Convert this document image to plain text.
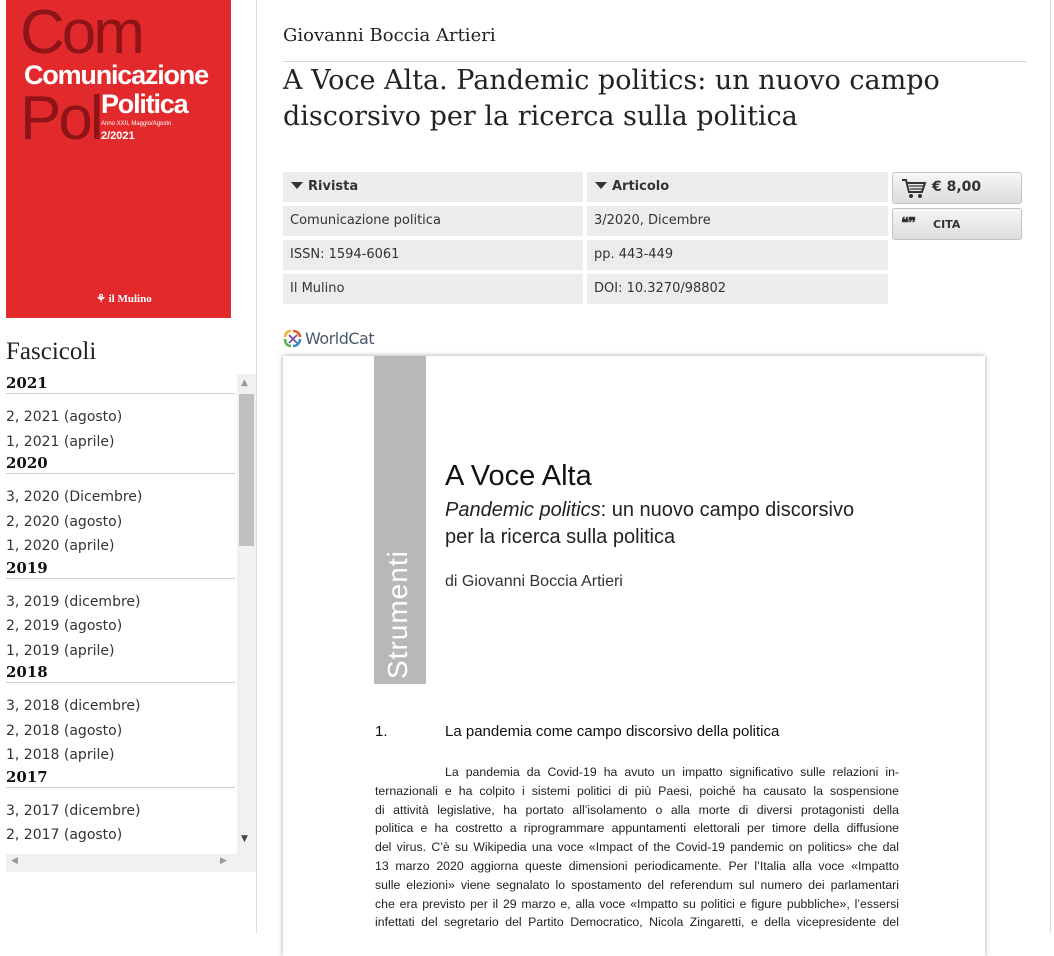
Com
Pol
Comunicazione
Politica
Anno XXII, Maggio/Agosto
2/2021
⚘ il Mulino
Fascicoli
2021
2, 2021 (agosto)
1, 2021 (aprile)
2020
3, 2020 (Dicembre)
2, 2020 (agosto)
1, 2020 (aprile)
2019
3, 2019 (dicembre)
2, 2019 (agosto)
1, 2019 (aprile)
2018
3, 2018 (dicembre)
2, 2018 (agosto)
1, 2018 (aprile)
2017
3, 2017 (dicembre)
2, 2017 (agosto)
▲
▼
◀	▶
Giovanni Boccia Artieri
A Voce Alta. Pandemic politics: un nuovo campo discorsivo per la ricerca sulla politica
Rivista	Articolo
Comunicazione politica	3/2020, Dicembre
ISSN: 1594-6061	pp. 443-449
Il Mulino	DOI: 10.3270/98802
€ 8,00
❝❞ CITA
WorldCat
Strumenti
A Voce Alta
Pandemic politics: un nuovo campo discorsivo
per la ricerca sulla politica
di Giovanni Boccia Artieri
1.	La pandemia come campo discorsivo della politica
La pandemia da Covid-19 ha avuto un impatto significativo sulle relazioni in-
ternazionali e ha colpito i sistemi politici di più Paesi, poiché ha causato la sospensione
di attività legislative, ha portato all’isolamento o alla morte di diversi protagonisti della
politica e ha costretto a riprogrammare appuntamenti elettorali per timore della diffusione
del virus. C’è su Wikipedia una voce «Impact of the Covid-19 pandemic on politics» che dal
13 marzo 2020 aggiorna queste dimensioni periodicamente. Per l’Italia alla voce «Impatto
sulle elezioni» viene segnalato lo spostamento del referendum sul numero dei parlamentari
che era previsto per il 29 marzo e, alla voce «Impatto su politici e figure pubbliche», l’essersi
infettati del segretario del Partito Democratico, Nicola Zingaretti, e della vicepresidente del
